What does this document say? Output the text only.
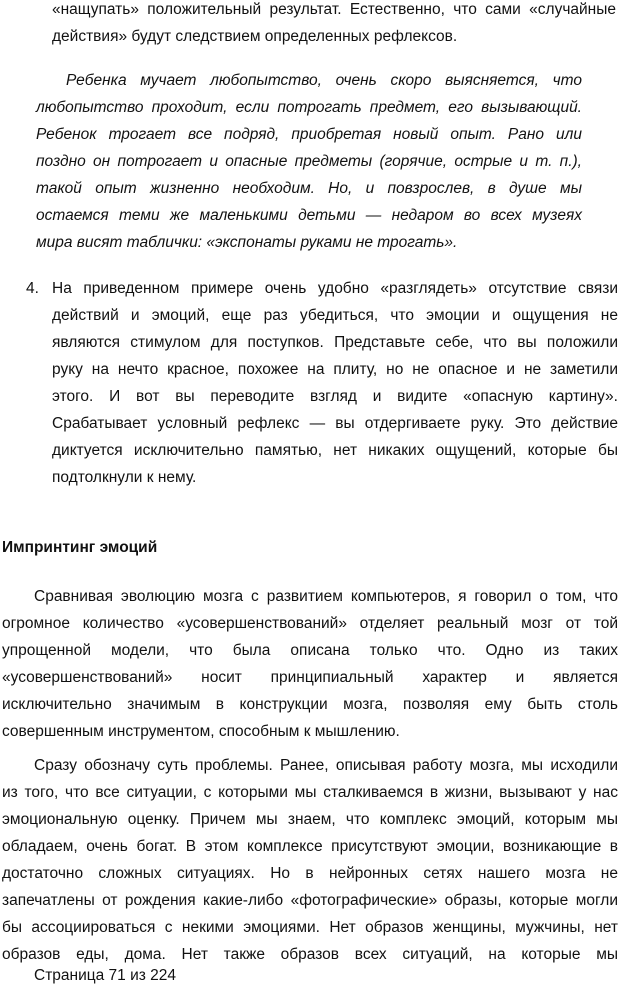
«нащупать» положительный результат. Естественно, что сами «случайные
действия» будут следствием определенных рефлексов.
Ребенка мучает любопытство, очень скоро выясняется, что
любопытство проходит, если потрогать предмет, его вызывающий.
Ребенок трогает все подряд, приобретая новый опыт. Рано или
поздно он потрогает и опасные предметы (горячие, острые и т. п.),
такой опыт жизненно необходим. Но, и повзрослев, в душе мы
остаемся теми же маленькими детьми — недаром во всех музеях
мира висят таблички: «экспонаты руками не трогать».
4. На приведенном примере очень удобно «разглядеть» отсутствие связи
действий и эмоций, еще раз убедиться, что эмоции и ощущения не
являются стимулом для поступков. Представьте себе, что вы положили
руку на нечто красное, похожее на плиту, но не опасное и не заметили
этого. И вот вы переводите взгляд и видите «опасную картину».
Срабатывает условный рефлекс — вы отдергиваете руку. Это действие
диктуется исключительно памятью, нет никаких ощущений, которые бы
подтолкнули к нему.
Импринтинг эмоций
Сравнивая эволюцию мозга с развитием компьютеров, я говорил о том, что
огромное количество «усовершенствований» отделяет реальный мозг от той
упрощенной модели, что была описана только что. Одно из таких
«усовершенствований» носит принципиальный характер и является
исключительно значимым в конструкции мозга, позволяя ему быть столь
совершенным инструментом, способным к мышлению.
Сразу обозначу суть проблемы. Ранее, описывая работу мозга, мы исходили
из того, что все ситуации, с которыми мы сталкиваемся в жизни, вызывают у нас
эмоциональную оценку. Причем мы знаем, что комплекс эмоций, которым мы
обладаем, очень богат. В этом комплексе присутствуют эмоции, возникающие в
достаточно сложных ситуациях. Но в нейронных сетях нашего мозга не
запечатлены от рождения какие-либо «фотографические» образы, которые могли
бы ассоциироваться с некими эмоциями. Нет образов женщины, мужчины, нет
образов еды, дома. Нет также образов всех ситуаций, на которые мы
Страница 71 из 224
